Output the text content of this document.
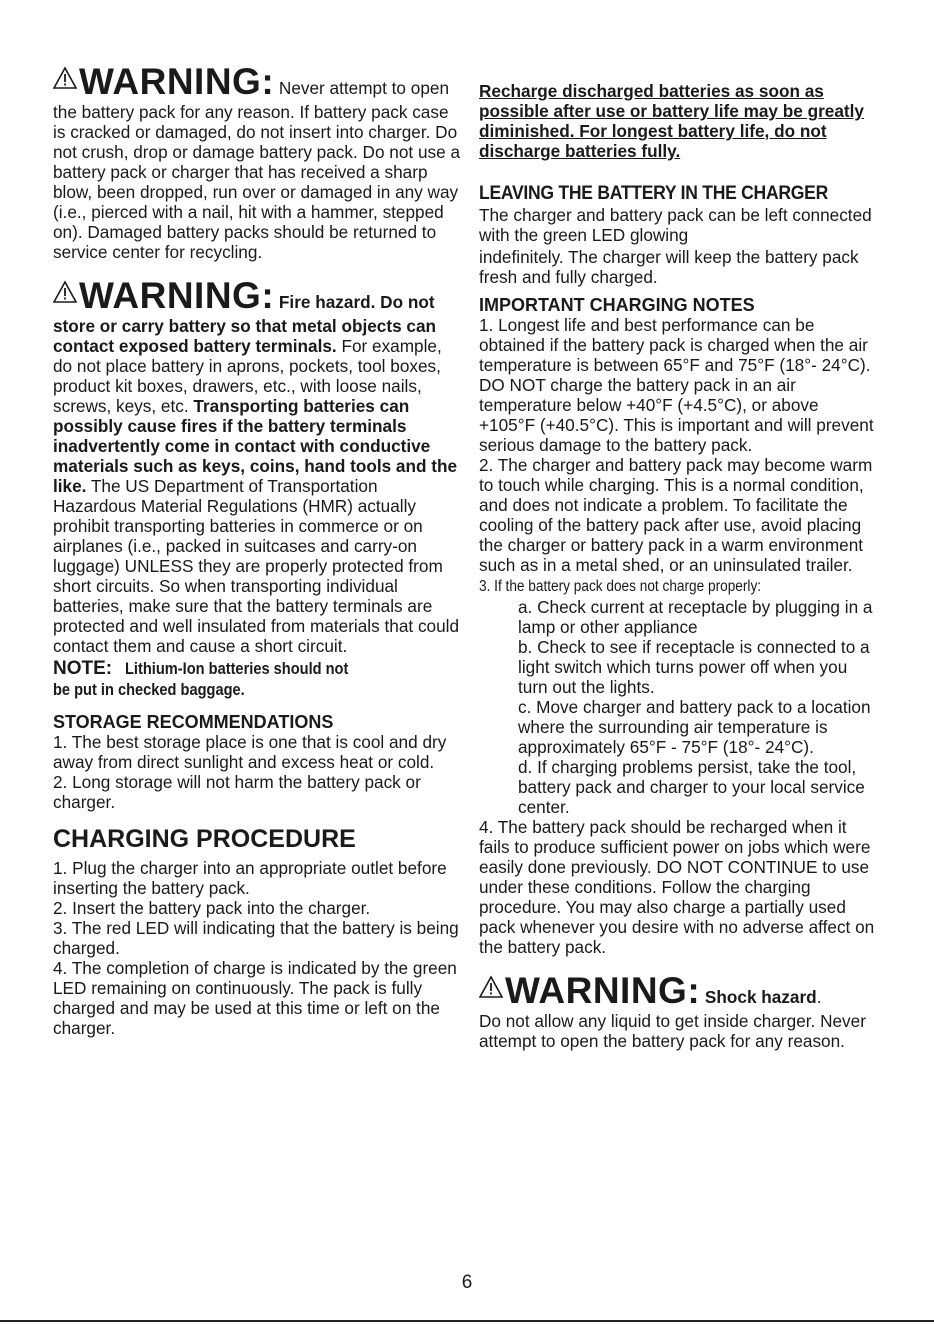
WARNING: Never attempt to open the battery pack for any reason. If battery pack case is cracked or damaged, do not insert into charger. Do not crush, drop or damage battery pack. Do not use a battery pack or charger that has received a sharp blow, been dropped, run over or damaged in any way (i.e., pierced with a nail, hit with a hammer, stepped on). Damaged battery packs should be returned to service center for recycling.

WARNING: Fire hazard. Do not store or carry battery so that metal objects can contact exposed battery terminals. For example, do not place battery in aprons, pockets, tool boxes, product kit boxes, drawers, etc., with loose nails, screws, keys, etc. Transporting batteries can possibly cause fires if the battery terminals inadvertently come in contact with conductive materials such as keys, coins, hand tools and the like. The US Department of Transportation Hazardous Material Regulations (HMR) actually prohibit transporting batteries in commerce or on airplanes (i.e., packed in suitcases and carry-on luggage) UNLESS they are properly protected from short circuits. So when transporting individual batteries, make sure that the battery terminals are protected and well insulated from materials that could contact them and cause a short circuit.

NOTE: Lithium-Ion batteries should not
be put in checked baggage.

STORAGE RECOMMENDATIONS

1. The best storage place is one that is cool and dry away from direct sunlight and excess heat or cold.

2. Long storage will not harm the battery pack or charger.

CHARGING PROCEDURE

1. Plug the charger into an appropriate outlet before inserting the battery pack.

2. Insert the battery pack into the charger.

3. The red LED will indicating that the battery is being charged.

4. The completion of charge is indicated by the green LED remaining on continuously. The pack is fully charged and may be used at this time or left on the charger.

Recharge discharged batteries as soon as possible after use or battery life may be greatly diminished. For longest battery life, do not discharge batteries fully.

LEAVING THE BATTERY IN THE CHARGER

The charger and battery pack can be left connected with the green LED glowing

indefinitely. The charger will keep the battery pack fresh and fully charged.

IMPORTANT CHARGING NOTES

1. Longest life and best performance can be obtained if the battery pack is charged when the air temperature is between 65°F and 75°F (18°- 24°C). DO NOT charge the battery pack in an air temperature below +40°F (+4.5°C), or above +105°F (+40.5°C). This is important and will prevent serious damage to the battery pack.

2. The charger and battery pack may become warm to touch while charging. This is a normal condition, and does not indicate a problem. To facilitate the cooling of the battery pack after use, avoid placing the charger or battery pack in a warm environment such as in a metal shed, or an uninsulated trailer.

3. If the battery pack does not charge properly:

a. Check current at receptacle by plugging in a lamp or other appliance

b. Check to see if receptacle is connected to a light switch which turns power off when you turn out the lights.

c. Move charger and battery pack to a location where the surrounding air temperature is approximately 65°F - 75°F (18°- 24°C).

d. If charging problems persist, take the tool, battery pack and charger to your local service center.

4. The battery pack should be recharged when it fails to produce sufficient power on jobs which were easily done previously. DO NOT CONTINUE to use under these conditions. Follow the charging procedure. You may also charge a partially used pack whenever you desire with no adverse affect on the battery pack.

WARNING: Shock hazard.

Do not allow any liquid to get inside charger. Never attempt to open the battery pack for any reason.

6
